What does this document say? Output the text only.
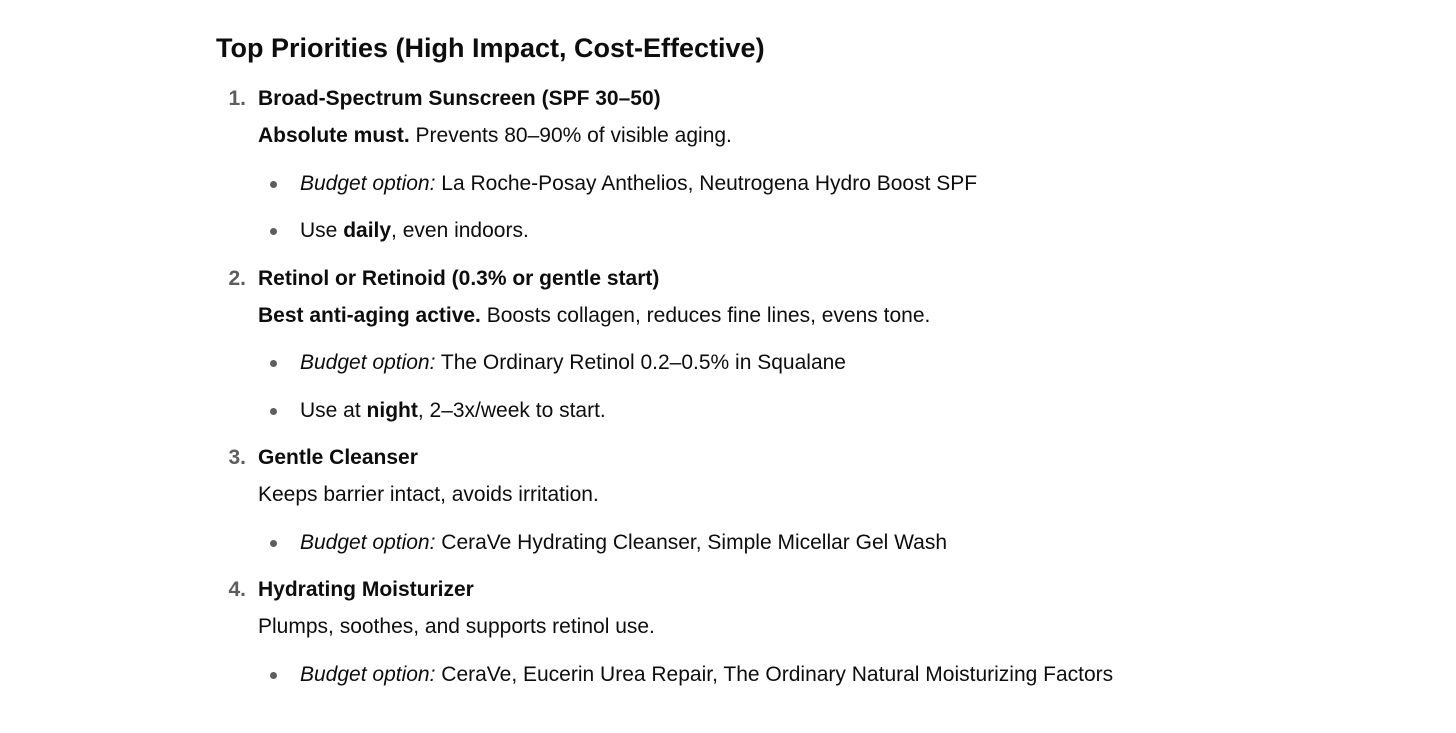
Top Priorities (High Impact, Cost-Effective)
1. Broad-Spectrum Sunscreen (SPF 30–50)
Absolute must. Prevents 80–90% of visible aging.
Budget option: La Roche-Posay Anthelios, Neutrogena Hydro Boost SPF
Use daily, even indoors.
2. Retinol or Retinoid (0.3% or gentle start)
Best anti-aging active. Boosts collagen, reduces fine lines, evens tone.
Budget option: The Ordinary Retinol 0.2–0.5% in Squalane
Use at night, 2–3x/week to start.
3. Gentle Cleanser
Keeps barrier intact, avoids irritation.
Budget option: CeraVe Hydrating Cleanser, Simple Micellar Gel Wash
4. Hydrating Moisturizer
Plumps, soothes, and supports retinol use.
Budget option: CeraVe, Eucerin Urea Repair, The Ordinary Natural Moisturizing Factors
